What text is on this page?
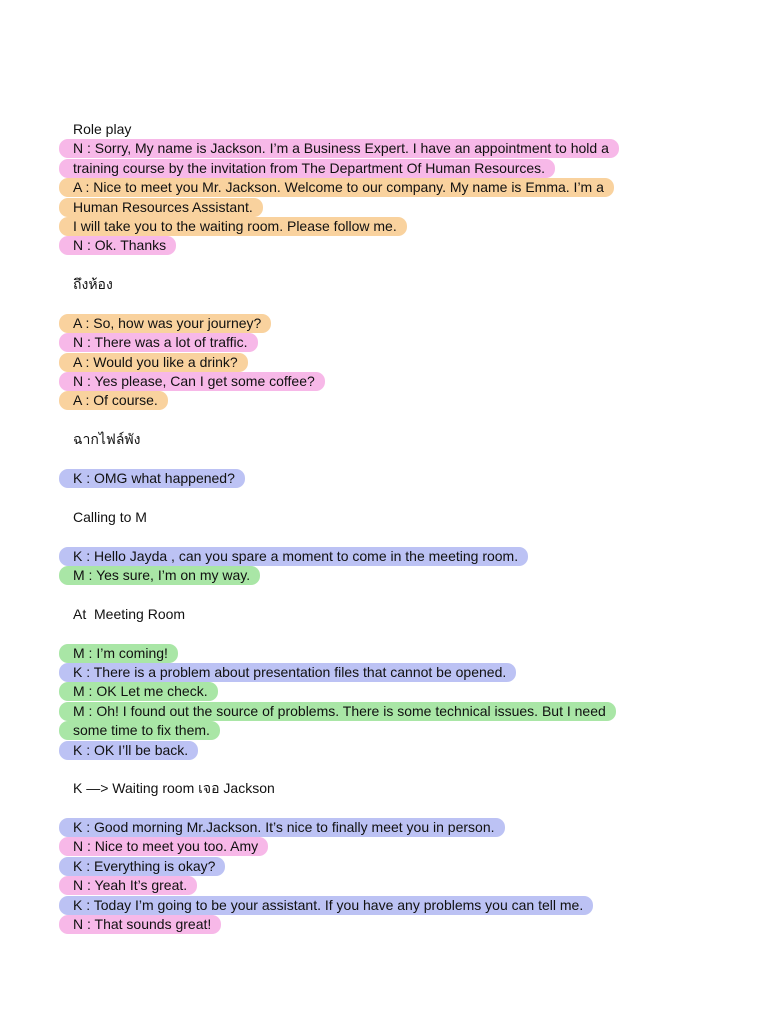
Role play
N : Sorry, My name is Jackson. I’m a Business Expert. I have an appointment to hold a
training course by the invitation from The Department Of Human Resources.
A : Nice to meet you Mr. Jackson. Welcome to our company. My name is Emma. I’m a
Human Resources Assistant.
I will take you to the waiting room. Please follow me.
N : Ok. Thanks
ถึงห้อง
A : So, how was your journey?
N : There was a lot of traffic.
A : Would you like a drink?
N : Yes please, Can I get some coffee?
A : Of course.
ฉากไฟล์พัง
K : OMG what happened?
Calling to M
K : Hello Jayda , can you spare a moment to come in the meeting room.
M : Yes sure, I’m on my way.
At  Meeting Room
M : I’m coming!
K : There is a problem about presentation files that cannot be opened.
M : OK Let me check.
M : Oh! I found out the source of problems. There is some technical issues. But I need
some time to fix them.
K : OK I’ll be back.
K —> Waiting room เจอ Jackson
K : Good morning Mr.Jackson. It’s nice to finally meet you in person.
N : Nice to meet you too. Amy
K : Everything is okay?
N : Yeah It’s great.
K : Today I’m going to be your assistant. If you have any problems you can tell me.
N : That sounds great!
